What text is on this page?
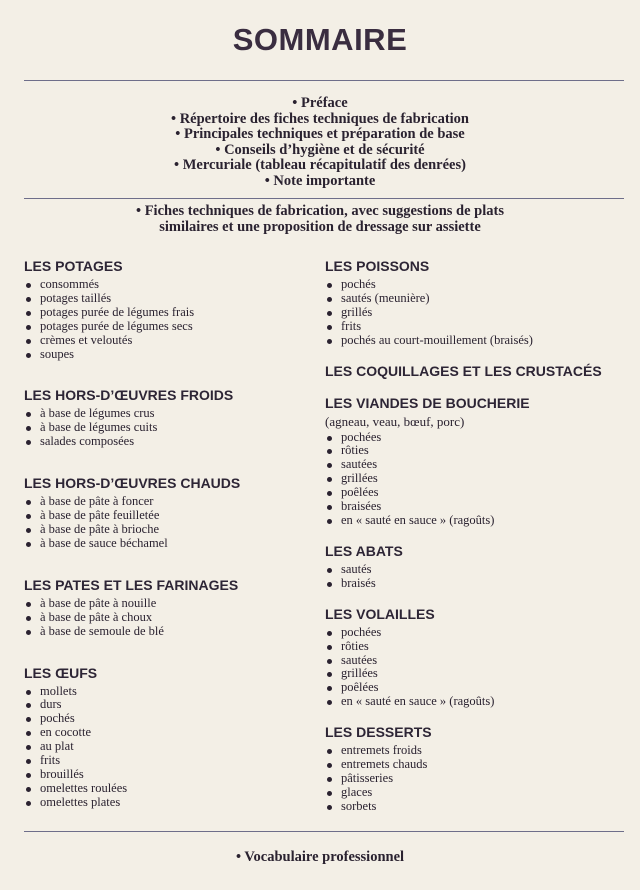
SOMMAIRE
• Préface
• Répertoire des fiches techniques de fabrication
• Principales techniques et préparation de base
• Conseils d’hygiène et de sécurité
• Mercuriale (tableau récapitulatif des denrées)
• Note importante
• Fiches techniques de fabrication, avec suggestions de plats
similaires et une proposition de dressage sur assiette
LES POTAGES
consommés
potages taillés
potages purée de légumes frais
potages purée de légumes secs
crèmes et veloutés
soupes
LES HORS-D’ŒUVRES FROIDS
à base de légumes crus
à base de légumes cuits
salades composées
LES HORS-D’ŒUVRES CHAUDS
à base de pâte à foncer
à base de pâte feuilletée
à base de pâte à brioche
à base de sauce béchamel
LES PATES ET LES FARINAGES
à base de pâte à nouille
à base de pâte à choux
à base de semoule de blé
LES ŒUFS
mollets
durs
pochés
en cocotte
au plat
frits
brouillés
omelettes roulées
omelettes plates
LES POISSONS
pochés
sautés (meunière)
grillés
frits
pochés au court-mouillement (braisés)
LES COQUILLAGES ET LES CRUSTACÉS
LES VIANDES DE BOUCHERIE
(agneau, veau, bœuf, porc)
pochées
rôties
sautées
grillées
poêlées
braisées
en « sauté en sauce » (ragoûts)
LES ABATS
sautés
braisés
LES VOLAILLES
pochées
rôties
sautées
grillées
poêlées
en « sauté en sauce » (ragoûts)
LES DESSERTS
entremets froids
entremets chauds
pâtisseries
glaces
sorbets
• Vocabulaire professionnel
